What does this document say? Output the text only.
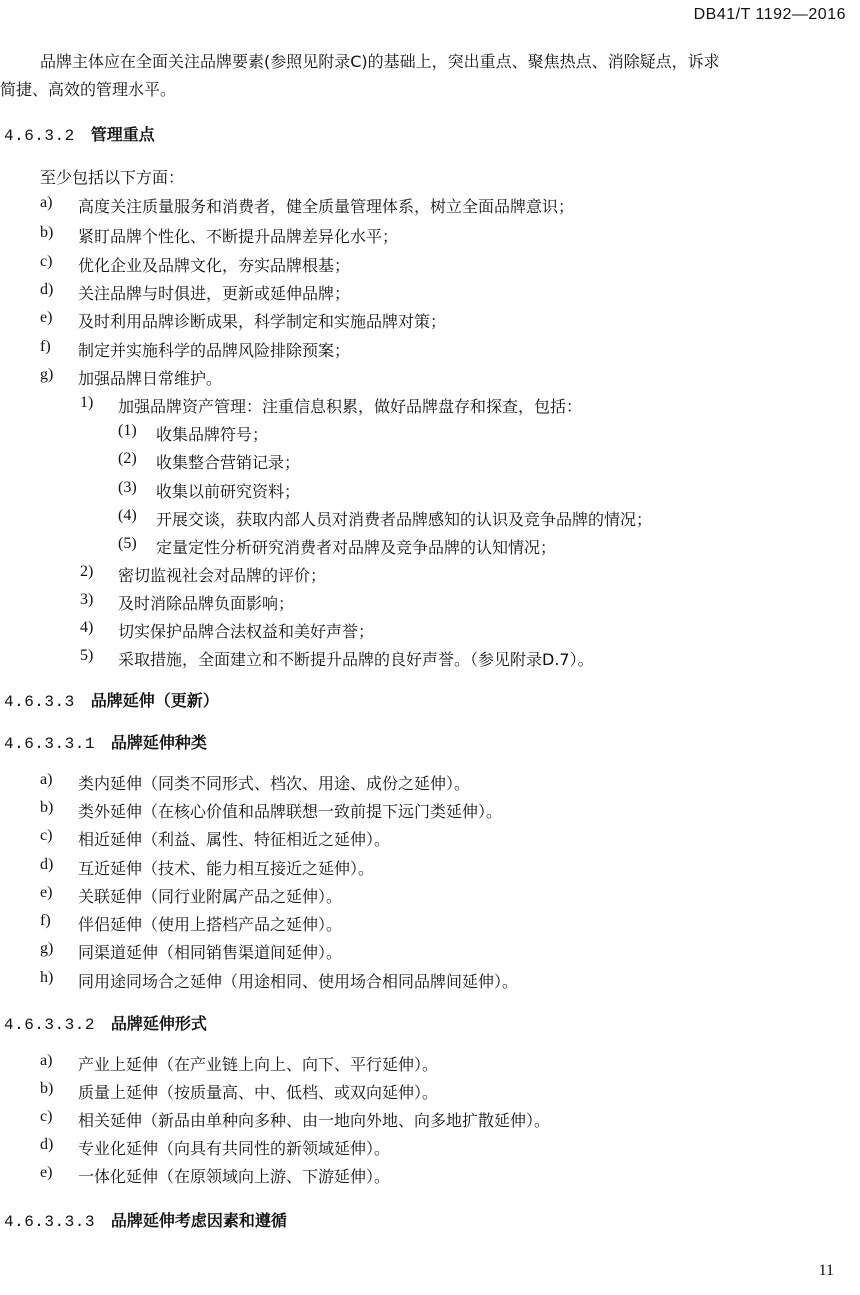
DB41/T 1192—2016
品牌主体应在全面关注品牌要素(参照见附录C)的基础上，突出重点、聚焦热点、消除疑点，诉求
简捷、高效的管理水平。
4.6.3.2 管理重点
至少包括以下方面：
a)	高度关注质量服务和消费者，健全质量管理体系，树立全面品牌意识；
b)	紧盯品牌个性化、不断提升品牌差异化水平；
c)	优化企业及品牌文化，夯实品牌根基；
d)	关注品牌与时俱进，更新或延伸品牌；
e)	及时利用品牌诊断成果，科学制定和实施品牌对策；
f)	制定并实施科学的品牌风险排除预案；
g)	加强品牌日常维护。
1)	加强品牌资产管理：注重信息积累，做好品牌盘存和探查，包括：
(1)	收集品牌符号；
(2)	收集整合营销记录；
(3)	收集以前研究资料；
(4)	开展交谈，获取内部人员对消费者品牌感知的认识及竞争品牌的情况；
(5)	定量定性分析研究消费者对品牌及竞争品牌的认知情况；
2)	密切监视社会对品牌的评价；
3)	及时消除品牌负面影响；
4)	切实保护品牌合法权益和美好声誉；
5)	采取措施，全面建立和不断提升品牌的良好声誉。（参见附录D.7）。
4.6.3.3 品牌延伸（更新）
4.6.3.3.1 品牌延伸种类
a)	类内延伸（同类不同形式、档次、用途、成份之延伸）。
b)	类外延伸（在核心价值和品牌联想一致前提下远门类延伸）。
c)	相近延伸（利益、属性、特征相近之延伸）。
d)	互近延伸（技术、能力相互接近之延伸）。
e)	关联延伸（同行业附属产品之延伸）。
f)	伴侣延伸（使用上搭档产品之延伸）。
g)	同渠道延伸（相同销售渠道间延伸）。
h)	同用途同场合之延伸（用途相同、使用场合相同品牌间延伸）。
4.6.3.3.2 品牌延伸形式
a)	产业上延伸（在产业链上向上、向下、平行延伸）。
b)	质量上延伸（按质量高、中、低档、或双向延伸）。
c)	相关延伸（新品由单种向多种、由一地向外地、向多地扩散延伸）。
d)	专业化延伸（向具有共同性的新领域延伸）。
e)	一体化延伸（在原领域向上游、下游延伸）。
4.6.3.3.3 品牌延伸考虑因素和遵循
11
